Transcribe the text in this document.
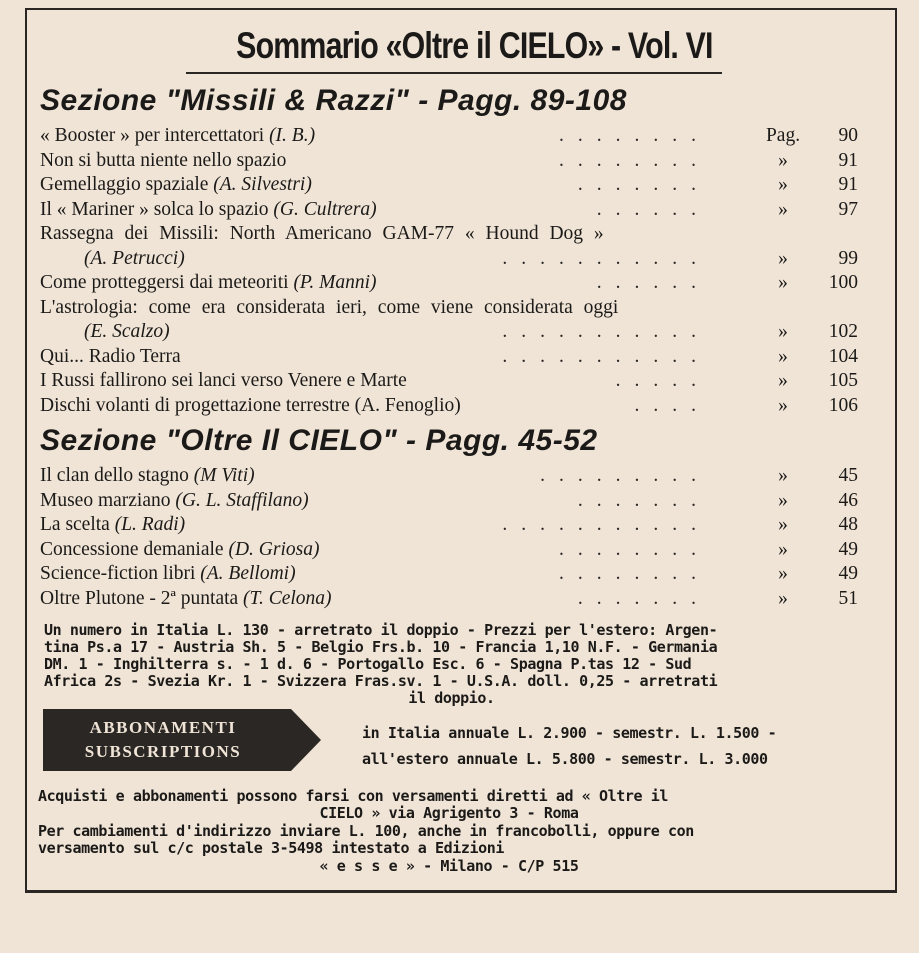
Sommario «Oltre il CIELO» - Vol. VI
Sezione "Missili & Razzi" - Pagg. 89-108
« Booster » per intercettatori (I. B.)	........	Pag.	90
Non si butta niente nello spazio	........	»	91
Gemellaggio spaziale (A. Silvestri)	.......	»	91
Il « Mariner » solca lo spazio (G. Cultrera)	......	»	97
Rassegna dei Missili: North Americano GAM-77 « Hound Dog »
(A. Petrucci)	...........	»	99
Come protteggersi dai meteoriti (P. Manni)	......	»	100
L'astrologia: come era considerata ieri, come viene considerata oggi
(E. Scalzo)	...........	»	102
Qui... Radio Terra	...........	»	104
I Russi fallirono sei lanci verso Venere e Marte	.....	»	105
Dischi volanti di progettazione terrestre (A. Fenoglio)	....	»	106
Sezione "Oltre Il CIELO" - Pagg. 45-52
Il clan dello stagno (M Viti)	.........	»	45
Museo marziano (G. L. Staffilano)	.......	»	46
La scelta (L. Radi)	...........	»	48
Concessione demaniale (D. Griosa)	........	»	49
Science-fiction libri (A. Bellomi)	........	»	49
Oltre Plutone - 2ª puntata (T. Celona)	.......	»	51
Un numero in Italia L. 130 - arretrato il doppio - Prezzi per l'estero: Argen-
tina Ps.a 17 - Austria Sh. 5 - Belgio Frs.b. 10 - Francia 1,10 N.F. - Germania
DM. 1 - Inghilterra s. - 1 d. 6 - Portogallo Esc. 6 - Spagna P.tas 12 - Sud
Africa 2s - Svezia Kr. 1 - Svizzera Fras.sv. 1 - U.S.A. doll. 0,25 - arretrati
il doppio.
ABBONAMENTI
SUBSCRIPTIONS
in Italia annuale L. 2.900 - semestr. L. 1.500 -
all'estero annuale L. 5.800 - semestr. L. 3.000
Acquisti e abbonamenti possono farsi con versamenti diretti ad « Oltre il
CIELO » via Agrigento 3 - Roma
Per cambiamenti d'indirizzo inviare L. 100, anche in francobolli, oppure con
versamento sul c/c postale 3-5498 intestato a Edizioni
« e s s e » - Milano - C/P 515
